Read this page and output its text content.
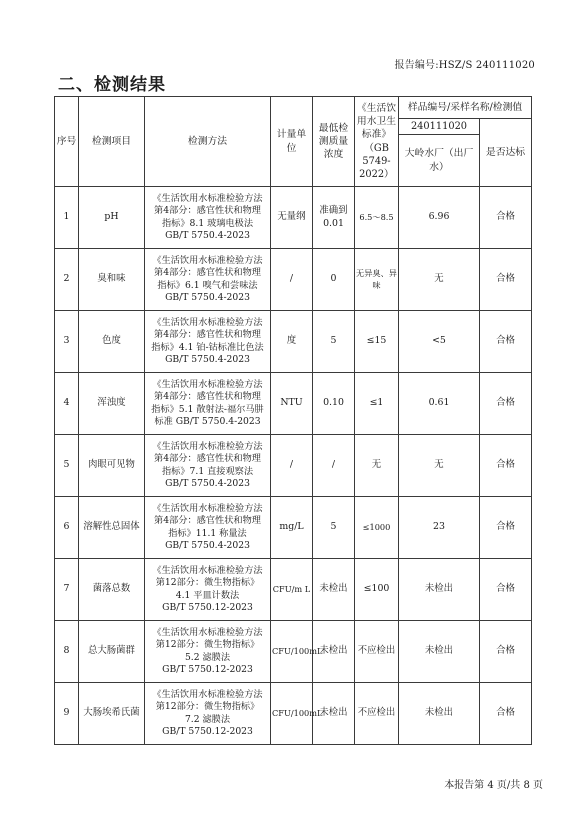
报告编号:HSZ/S 240111020
二、检测结果
序号	检测项目	检测方法	计量单位	最低检测质量浓度	《生活饮用水卫生标准》（GB 5749-2022）	样品编号/采样名称/检测值	
						240111020	是否达标
						大岭水厂（出厂水）	
1	pH	《生活饮用水标准检验方法
第4部分：感官性状和物理
指标》8.1 玻璃电极法
GB/T 5750.4-2023	无量纲	准确到0.01	6.5～8.5	6.96	合格
2	臭和味	《生活饮用水标准检验方法
第4部分：感官性状和物理
指标》6.1 嗅气和尝味法
GB/T 5750.4-2023	/	0	无异臭、异味	无	合格
3	色度	《生活饮用水标准检验方法
第4部分：感官性状和物理
指标》4.1 铂-钴标准比色法
GB/T 5750.4-2023	度	5	≤15	<5	合格
4	浑浊度	《生活饮用水标准检验方法
第4部分：感官性状和物理
指标》5.1 散射法-福尔马肼
标准 GB/T 5750.4-2023	NTU	0.10	≤1	0.61	合格
5	肉眼可见物	《生活饮用水标准检验方法
第4部分：感官性状和物理
指标》7.1 直接观察法
GB/T 5750.4-2023	/	/	无	无	合格
6	溶解性总固体	《生活饮用水标准检验方法
第4部分：感官性状和物理
指标》11.1 称量法
GB/T 5750.4-2023	mg/L	5	≤1000	23	合格
7	菌落总数	《生活饮用水标准检验方法
第12部分：微生物指标》
4.1 平皿计数法
GB/T 5750.12-2023	CFU/m L	未检出	≤100	未检出	合格
8	总大肠菌群	《生活饮用水标准检验方法
第12部分：微生物指标》
5.2 滤膜法
GB/T 5750.12-2023	CFU/100mL	未检出	不应检出	未检出	合格
9	大肠埃希氏菌	《生活饮用水标准检验方法
第12部分：微生物指标》
7.2 滤膜法
GB/T 5750.12-2023	CFU/100mL	未检出	不应检出	未检出	合格
本报告第 4 页/共 8 页
